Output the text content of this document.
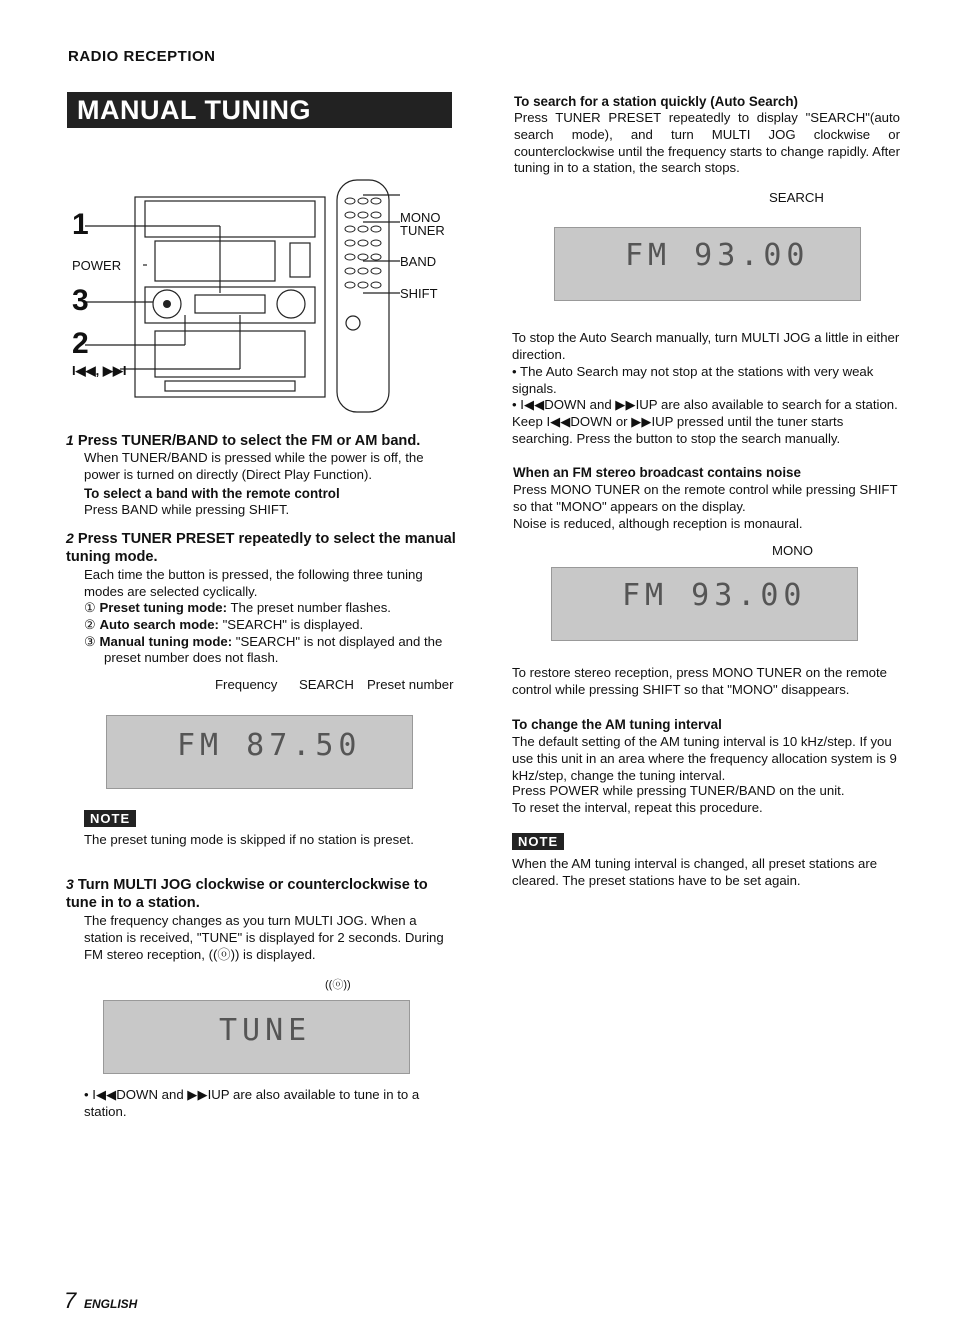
RADIO RECEPTION
MANUAL TUNING
1
3
2
POWER
I◀◀, ▶▶I
MONO
TUNER
BAND
SHIFT
1 Press TUNER/BAND to select the FM or AM band.
When TUNER/BAND is pressed while the power is off, the power is turned on directly (Direct Play Function).
To select a band with the remote control
Press BAND while pressing SHIFT.
2 Press TUNER PRESET repeatedly to select the manual tuning mode.
Each time the button is pressed, the following three tuning modes are selected cyclically.
① Preset tuning mode: The preset number flashes.
② Auto search mode: "SEARCH" is displayed.
③ Manual tuning mode: "SEARCH" is not displayed and the preset number does not flash.
Frequency SEARCH Preset number
FM 87.50
NOTE
The preset tuning mode is skipped if no station is preset.
3 Turn MULTI JOG clockwise or counterclockwise to tune in to a station.
The frequency changes as you turn MULTI JOG. When a station is received, "TUNE" is displayed for 2 seconds. During FM stereo reception, ((ⓞ)) is displayed.
((ⓞ))
TUNE
• I◀◀DOWN and ▶▶IUP are also available to tune in to a station.
To search for a station quickly (Auto Search)
Press TUNER PRESET repeatedly to display "SEARCH"(auto search mode), and turn MULTI JOG clockwise or counterclockwise until the frequency starts to change rapidly. After tuning in to a station, the search stops.
SEARCH
FM 93.00
To stop the Auto Search manually, turn MULTI JOG a little in either direction.
• The Auto Search may not stop at the stations with very weak signals.
• I◀◀DOWN and ▶▶IUP are also available to search for a station. Keep I◀◀DOWN or ▶▶IUP pressed until the tuner starts searching. Press the button to stop the search manually.
When an FM stereo broadcast contains noise
Press MONO TUNER on the remote control while pressing SHIFT so that "MONO" appears on the display.
Noise is reduced, although reception is monaural.
MONO
FM 93.00
To restore stereo reception, press MONO TUNER on the remote control while pressing SHIFT so that "MONO" disappears.
To change the AM tuning interval
The default setting of the AM tuning interval is 10 kHz/step. If you use this unit in an area where the frequency allocation system is 9 kHz/step, change the tuning interval.
Press POWER while pressing TUNER/BAND on the unit.
To reset the interval, repeat this procedure.
NOTE
When the AM tuning interval is changed, all preset stations are cleared. The preset stations have to be set again.
7 ENGLISH
